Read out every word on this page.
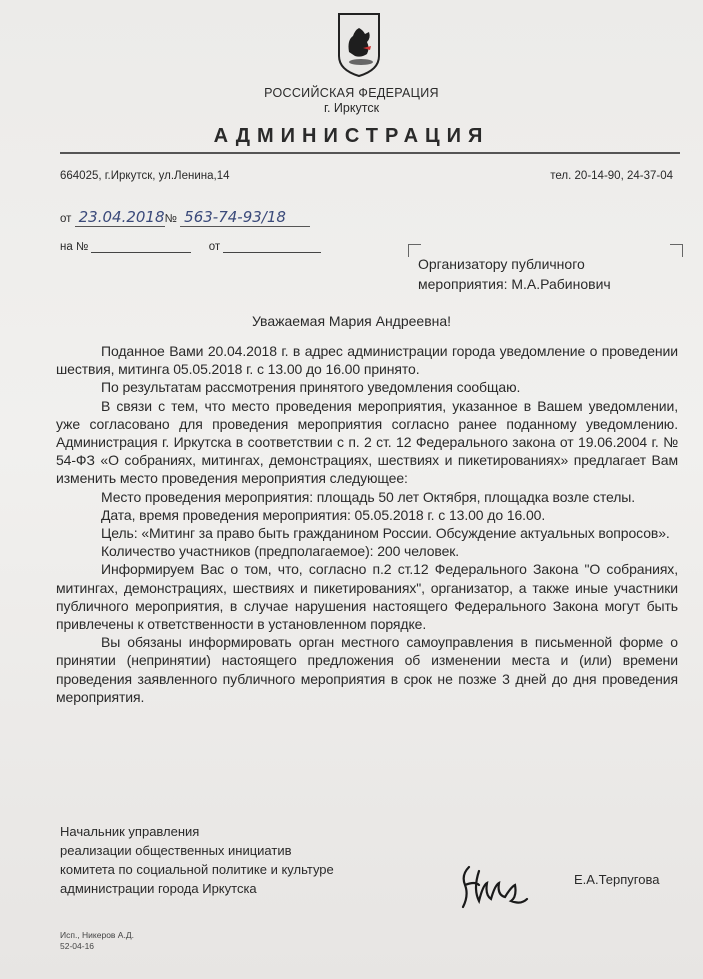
РОССИЙСКАЯ ФЕДЕРАЦИЯ
г. Иркутск
АДМИНИСТРАЦИЯ
664025, г.Иркутск, ул.Ленина,14	тел. 20-14-90, 24-37-04
от 23.04.2018№ 563-74-93/18
на №	от
Организатору публичного
мероприятия: М.А.Рабинович
Уважаемая Мария Андреевна!

Поданное Вами 20.04.2018 г. в адрес администрации города уведомление о проведении шествия, митинга 05.05.2018 г. с 13.00 до 16.00 принято.

По результатам рассмотрения принятого уведомления сообщаю.

В связи с тем, что место проведения мероприятия, указанное в Вашем уведомлении, уже согласовано для проведения мероприятия согласно ранее поданному уведомлению. Администрация г. Иркутска в соответствии с п. 2 ст. 12 Федерального закона от 19.06.2004 г. № 54-ФЗ «О собраниях, митингах, демонстрациях, шествиях и пикетированиях» предлагает Вам изменить место проведения мероприятия следующее:

Место проведения мероприятия: площадь 50 лет Октября, площадка возле стелы.

Дата, время проведения мероприятия: 05.05.2018 г. с 13.00 до 16.00.

Цель: «Митинг за право быть гражданином России. Обсуждение актуальных вопросов».

Количество участников (предполагаемое): 200 человек.

Информируем Вас о том, что, согласно п.2 ст.12 Федерального Закона "О собраниях, митингах, демонстрациях, шествиях и пикетированиях", организатор, а также иные участники публичного мероприятия, в случае нарушения настоящего Федерального Закона могут быть привлечены к ответственности в установленном порядке.

Вы обязаны информировать орган местного самоуправления в письменной форме о принятии (непринятии) настоящего предложения об изменении места и (или) времени проведения заявленного публичного мероприятия в срок не позже 3 дней до дня проведения мероприятия.

Начальник управления
реализации общественных инициатив
комитета по социальной политике и культуре
администрации города Иркутска
Е.А.Терпугова
Исп., Никеров А.Д.
52-04-16
